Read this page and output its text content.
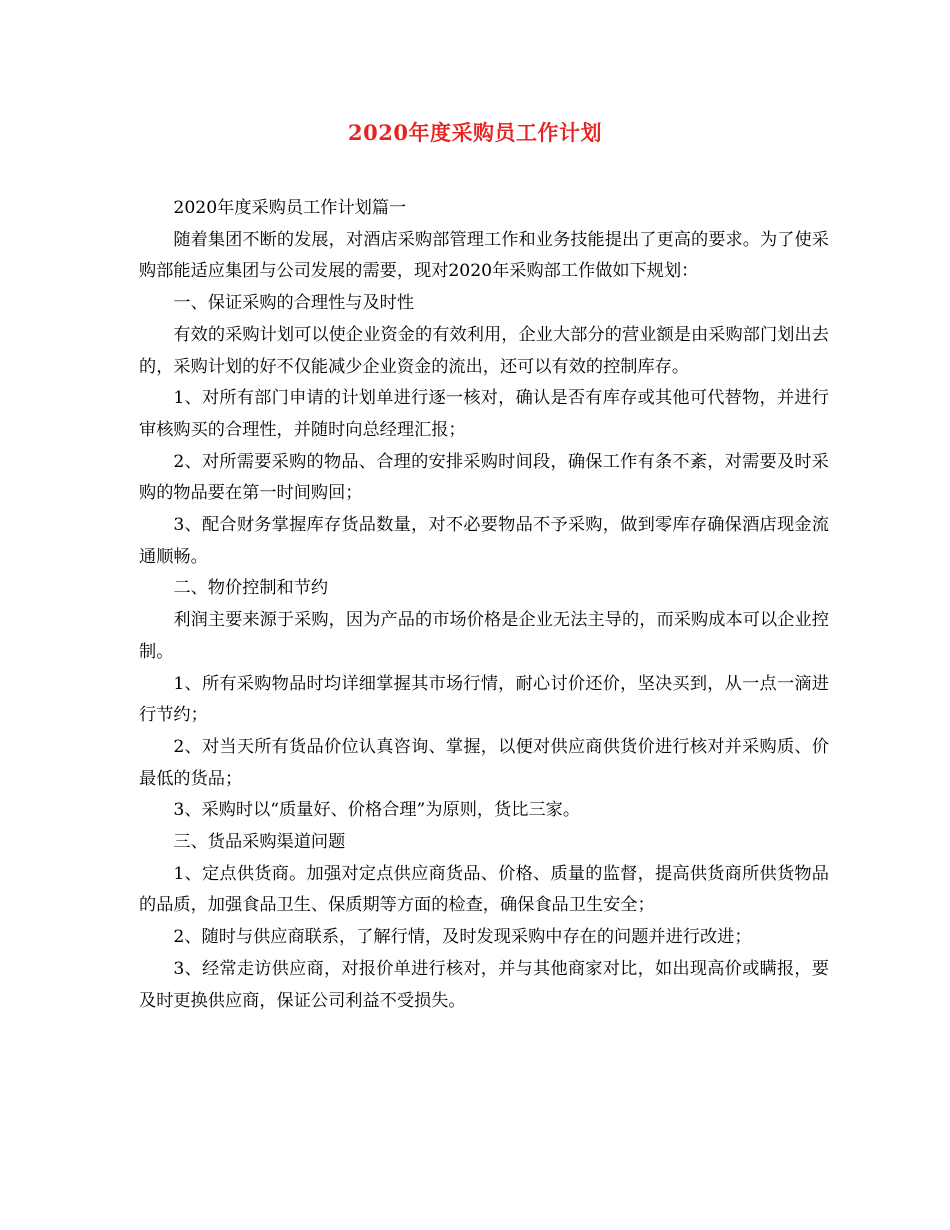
2020年度采购员工作计划

2020年度采购员工作计划篇一

随着集团不断的发展，对酒店采购部管理工作和业务技能提出了更高的要求。为了使采购部能适应集团与公司发展的需要，现对2020年采购部工作做如下规划：

一、保证采购的合理性与及时性

有效的采购计划可以使企业资金的有效利用，企业大部分的营业额是由采购部门划出去的，采购计划的好不仅能减少企业资金的流出，还可以有效的控制库存。

1、对所有部门申请的计划单进行逐一核对，确认是否有库存或其他可代替物，并进行审核购买的合理性，并随时向总经理汇报；

2、对所需要采购的物品、合理的安排采购时间段，确保工作有条不紊，对需要及时采购的物品要在第一时间购回；

3、配合财务掌握库存货品数量，对不必要物品不予采购，做到零库存确保酒店现金流通顺畅。

二、物价控制和节约

利润主要来源于采购，因为产品的市场价格是企业无法主导的，而采购成本可以企业控制。

1、所有采购物品时均详细掌握其市场行情，耐心讨价还价，坚决买到，从一点一滴进行节约；

2、对当天所有货品价位认真咨询、掌握，以便对供应商供货价进行核对并采购质、价最低的货品；

3、采购时以“质量好、价格合理”为原则，货比三家。

三、货品采购渠道问题

1、定点供货商。加强对定点供应商货品、价格、质量的监督，提高供货商所供货物品的品质，加强食品卫生、保质期等方面的检查，确保食品卫生安全；

2、随时与供应商联系，了解行情，及时发现采购中存在的问题并进行改进；

3、经常走访供应商，对报价单进行核对，并与其他商家对比，如出现高价或瞒报，要及时更换供应商，保证公司利益不受损失。
